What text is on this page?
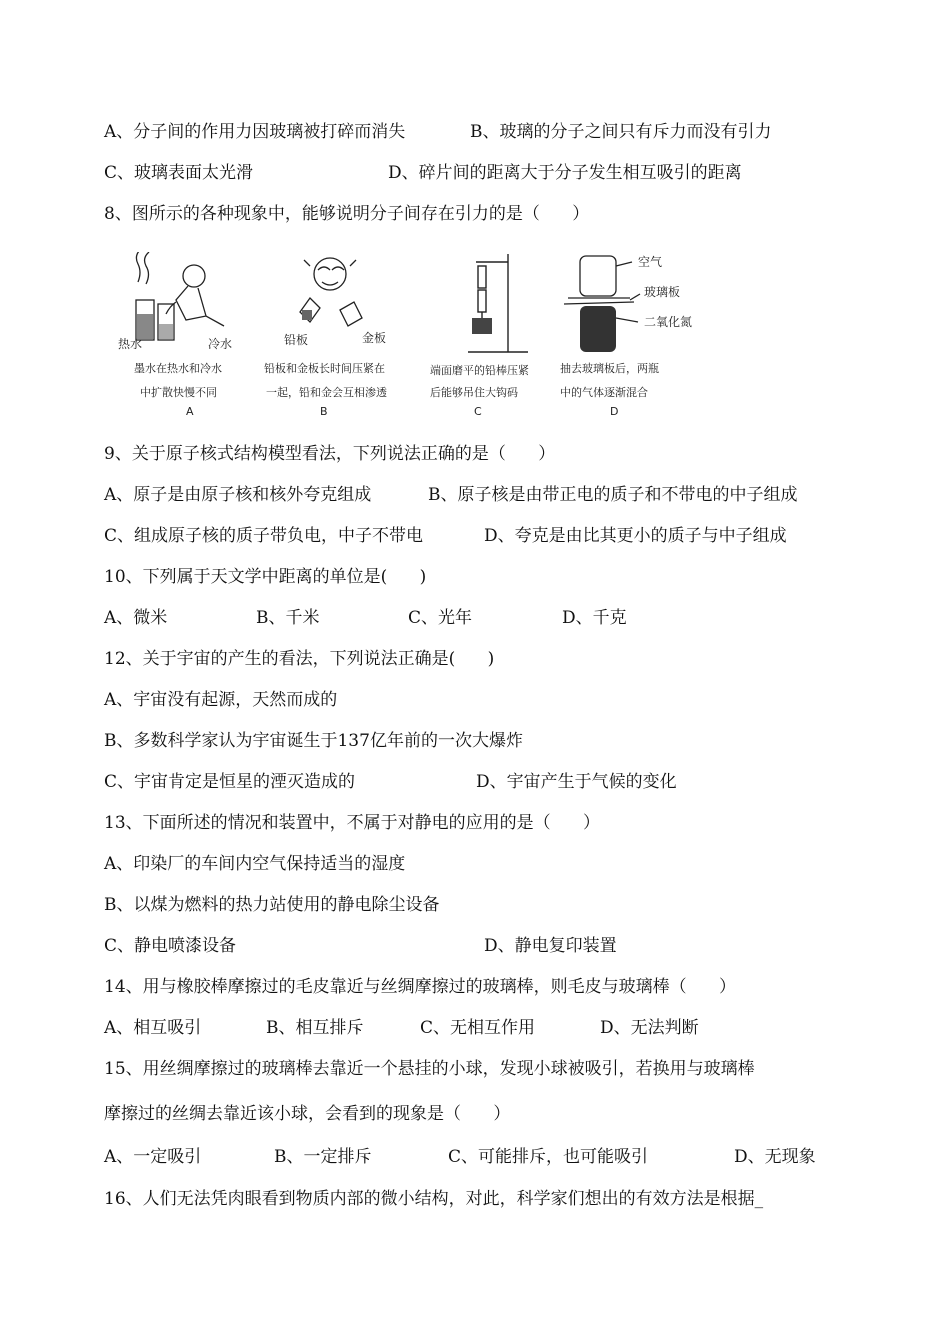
A、分子间的作用力因玻璃被打碎而消失	B、玻璃的分子之间只有斥力而没有引力
C、玻璃表面太光滑	D、碎片间的距离大于分子发生相互吸引的距离
8、图所示的各种现象中，能够说明分子间存在引力的是（      ）
热水	冷水
墨水在热水和冷水
中扩散快慢不同
A
铅板	金板
铅板和金板长时间压紧在
一起，铅和金会互相渗透
B
端面磨平的铅棒压紧
后能够吊住大钩码
C
空气
玻璃板
二氧化氮
抽去玻璃板后，两瓶
中的气体逐渐混合
D
9、关于原子核式结构模型看法，下列说法正确的是（      ）
A、原子是由原子核和核外夸克组成	B、原子核是由带正电的质子和不带电的中子组成
C、组成原子核的质子带负电，中子不带电	D、夸克是由比其更小的质子与中子组成
10、下列属于天文学中距离的单位是(      )
A、微米	B、千米	C、光年	D、千克
12、关于宇宙的产生的看法，下列说法正确是(      )
A、宇宙没有起源，天然而成的
B、多数科学家认为宇宙诞生于137亿年前的一次大爆炸
C、宇宙肯定是恒星的湮灭造成的	D、宇宙产生于气候的变化
13、下面所述的情况和装置中，不属于对静电的应用的是（      ）
A、印染厂的车间内空气保持适当的湿度
B、以煤为燃料的热力站使用的静电除尘设备
C、静电喷漆设备	D、静电复印装置
14、用与橡胶棒摩擦过的毛皮靠近与丝绸摩擦过的玻璃棒，则毛皮与玻璃棒（      ）
A、相互吸引	B、相互排斥	C、无相互作用	D、无法判断
15、用丝绸摩擦过的玻璃棒去靠近一个悬挂的小球，发现小球被吸引，若换用与玻璃棒
摩擦过的丝绸去靠近该小球，会看到的现象是（      ）
A、一定吸引	B、一定排斥	C、可能排斥，也可能吸引	D、无现象
16、人们无法凭肉眼看到物质内部的微小结构，对此，科学家们想出的有效方法是根据_
